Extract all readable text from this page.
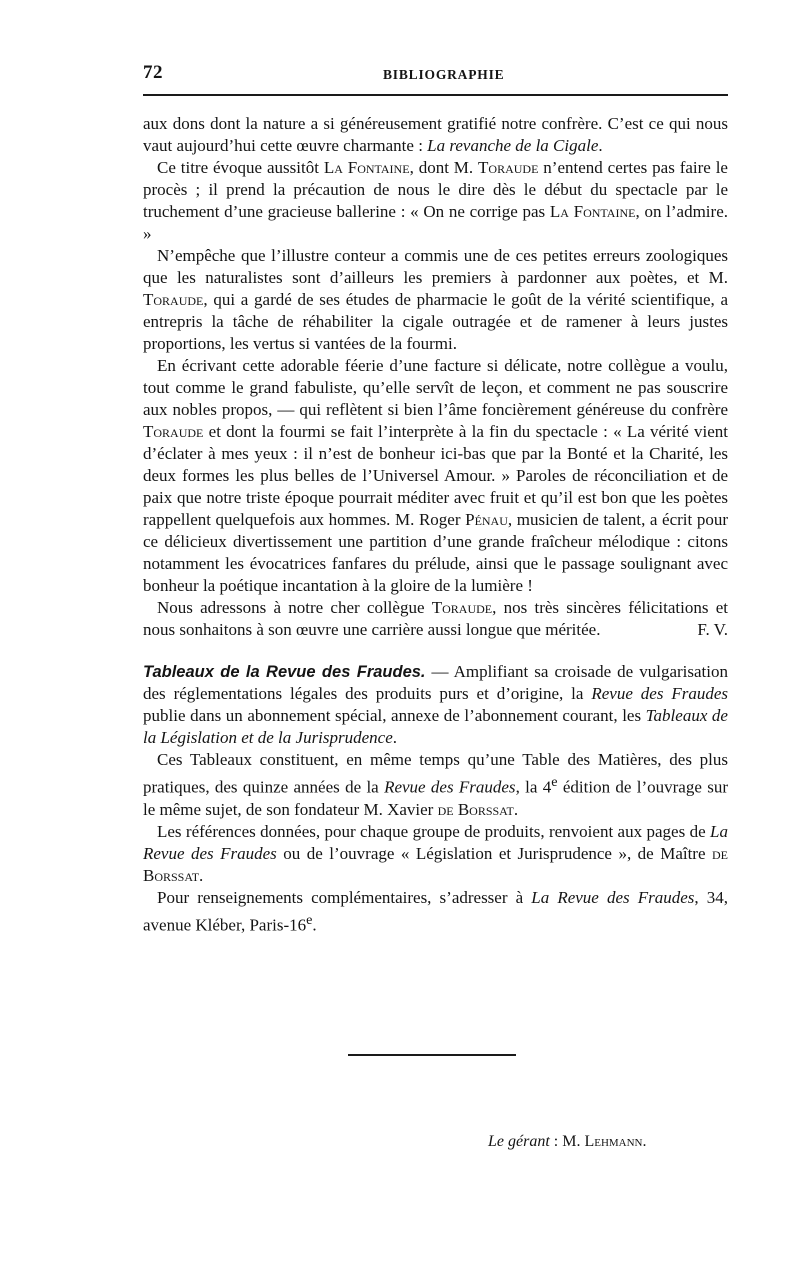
72	BIBLIOGRAPHIE

aux dons dont la nature a si généreusement gratifié notre confrère. C’est ce qui nous vaut aujourd’hui cette œuvre charmante : La revanche de la Cigale.

Ce titre évoque aussitôt La Fontaine, dont M. Toraude n’entend certes pas faire le procès ; il prend la précaution de nous le dire dès le début du spectacle par le truchement d’une gracieuse ballerine : « On ne corrige pas La Fontaine, on l’admire. »

N’empêche que l’illustre conteur a commis une de ces petites erreurs zoologiques que les naturalistes sont d’ailleurs les premiers à pardonner aux poètes, et M. Toraude, qui a gardé de ses études de pharmacie le goût de la vérité scientifique, a entrepris la tâche de réhabiliter la cigale outragée et de ramener à leurs justes proportions, les vertus si vantées de la fourmi.

En écrivant cette adorable féerie d’une facture si délicate, notre collègue a voulu, tout comme le grand fabuliste, qu’elle servît de leçon, et comment ne pas souscrire aux nobles propos, — qui reflètent si bien l’âme foncièrement généreuse du confrère Toraude et dont la fourmi se fait l’interprète à la fin du spectacle : « La vérité vient d’éclater à mes yeux : il n’est de bonheur ici-bas que par la Bonté et la Charité, les deux formes les plus belles de l’Universel Amour. » Paroles de réconciliation et de paix que notre triste époque pourrait méditer avec fruit et qu’il est bon que les poètes rappellent quelquefois aux hommes. M. Roger Pénau, musicien de talent, a écrit pour ce délicieux divertissement une partition d’une grande fraîcheur mélodique : citons notamment les évocatrices fanfares du prélude, ainsi que le passage soulignant avec bonheur la poétique incantation à la gloire de la lumière !

Nous adressons à notre cher collègue Toraude, nos très sincères félicitations et nous sonhaitons à son œuvre une carrière aussi longue que méritée.	F. V.

Tableaux de la Revue des Fraudes. — Amplifiant sa croisade de vulgarisation des réglementations légales des produits purs et d’origine, la Revue des Fraudes publie dans un abonnement spécial, annexe de l’abonnement courant, les Tableaux de la Législation et de la Jurisprudence.

Ces Tableaux constituent, en même temps qu’une Table des Matières, des plus pratiques, des quinze années de la Revue des Fraudes, la 4e édition de l’ouvrage sur le même sujet, de son fondateur M. Xavier de Borssat.

Les références données, pour chaque groupe de produits, renvoient aux pages de La Revue des Fraudes ou de l’ouvrage « Législation et Jurisprudence », de Maître de Borssat.

Pour renseignements complémentaires, s’adresser à La Revue des Fraudes, 34, avenue Kléber, Paris-16e.

Le gérant : M. Lehmann.
